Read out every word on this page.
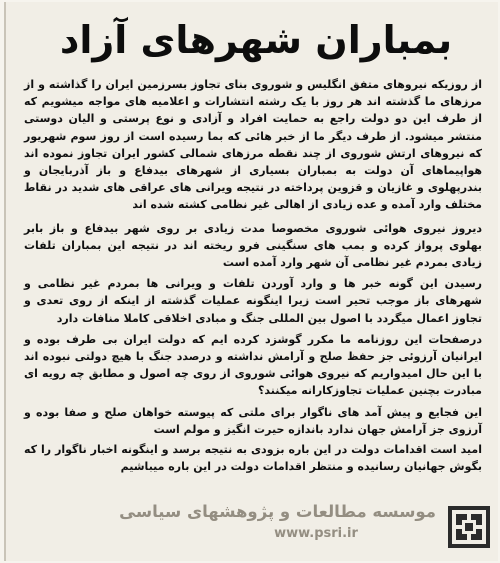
بمباران شهرهای آزاد

از روزیکه نیروهای متفق انگلیس و شوروی بنای تجاوز بسرزمین ایران را گذاشته و از مرزهای ما گذشته اند هر روز با یک رشته انتشارات و اعلامیه های مواجه میشویم که از طرف این دو دولت راجع به حمایت افراد و آزادی و نوع پرستی و الیان دوستی منتشر میشود. از طرف دیگر ما از خبر هائی که بما رسیده است از روز سوم شهریور که نیروهای ارتش شوروی از چند نقطه مرزهای شمالی کشور ایران تجاوز نموده اند هواپیماهای آن دولت به بمباران بسیاری از شهرهای بیدفاع و باز آذربایجان و بندرپهلوی و غازیان و قزوین پرداخته در نتیجه ویرانی های عراقی های شدید در نقاط مختلف وارد آمده و عده زیادی از اهالی غیر نظامی کشته شده اند

دیروز نیروی هوائی شوروی مخصوصا مدت زیادی بر روی شهر بیدفاع و باز بابر بهلوی پرواز کرده و بمب های سنگینی فرو ریخته اند در نتیجه این بمباران تلفات زیادی بمردم غیر نظامی آن شهر وارد آمده است

رسیدن این گونه خبر ها و وارد آوردن تلفات و ویرانی ها بمردم غیر نظامی و شهرهای باز موجب تحیر است زیرا اینگونه عملیات گذشته از اینکه از روی تعدی و تجاوز اعمال میگردد با اصول بین المللی جنگ و مبادی اخلاقی کاملا منافات دارد

درصفحات این روزنامه ما مکرر گوشزد کرده ایم که دولت ایران بی طرف بوده و ایرانیان آرزوئی جز حفظ صلح و آرامش نداشته و درصدد جنگ با هیچ دولتی نبوده اند با این حال امیدواریم که نیروی هوائی شوروی از روی چه اصول و مطابق چه رویه ای مبادرت بچنین عملیات تجاوزکارانه میکنند؟

این فجایع و پیش آمد های ناگوار برای ملتی که پیوسته خواهان صلح و صفا بوده و آرزوی جز آرامش جهان ندارد باندازه حیرت انگیز و مولم است

امید است اقدامات دولت در این باره بزودی به نتیجه برسد و اینگونه اخبار ناگوار را که بگوش جهانیان رسانیده و منتظر اقدامات دولت در این باره میباشیم

موسسه مطالعات و پژوهشهای سیاسی
www.psri.ir
